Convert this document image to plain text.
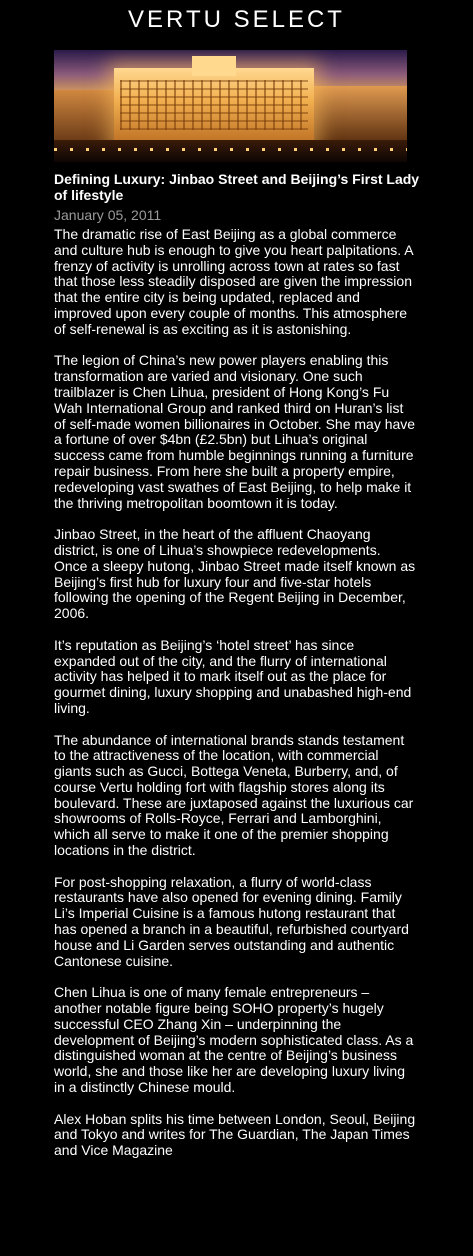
VERTU SELECT
Defining Luxury: Jinbao Street and Beijing’s First Lady of lifestyle
January 05, 2011

The dramatic rise of East Beijing as a global commerce and culture hub is enough to give you heart palpitations. A frenzy of activity is unrolling across town at rates so fast that those less steadily disposed are given the impression that the entire city is being updated, replaced and improved upon every couple of months. This atmosphere of self-renewal is as exciting as it is astonishing.

The legion of China’s new power players enabling this transformation are varied and visionary. One such trailblazer is Chen Lihua, president of Hong Kong’s Fu Wah International Group and ranked third on Huran’s list of self-made women billionaires in October. She may have a fortune of over $4bn (£2.5bn) but Lihua’s original success came from humble beginnings running a furniture repair business. From here she built a property empire, redeveloping vast swathes of East Beijing, to help make it the thriving metropolitan boomtown it is today.

Jinbao Street, in the heart of the affluent Chaoyang district, is one of Lihua’s showpiece redevelopments. Once a sleepy hutong, Jinbao Street made itself known as Beijing’s first hub for luxury four and five-star hotels following the opening of the Regent Beijing in December, 2006.

It’s reputation as Beijing’s ‘hotel street’ has since expanded out of the city, and the flurry of international activity has helped it to mark itself out as the place for gourmet dining, luxury shopping and unabashed high-end living.

The abundance of international brands stands testament to the attractiveness of the location, with commercial giants such as Gucci, Bottega Veneta, Burberry, and, of course Vertu holding fort with flagship stores along its boulevard. These are juxtaposed against the luxurious car showrooms of Rolls-Royce, Ferrari and Lamborghini, which all serve to make it one of the premier shopping locations in the district.

For post-shopping relaxation, a flurry of world-class restaurants have also opened for evening dining. Family Li’s Imperial Cuisine is a famous hutong restaurant that has opened a branch in a beautiful, refurbished courtyard house and Li Garden serves outstanding and authentic Cantonese cuisine.

Chen Lihua is one of many female entrepreneurs – another notable figure being SOHO property’s hugely successful CEO Zhang Xin – underpinning the development of Beijing’s modern sophisticated class. As a distinguished woman at the centre of Beijing’s business world, she and those like her are developing luxury living in a distinctly Chinese mould.

Alex Hoban splits his time between London, Seoul, Beijing and Tokyo and writes for The Guardian, The Japan Times and Vice Magazine
